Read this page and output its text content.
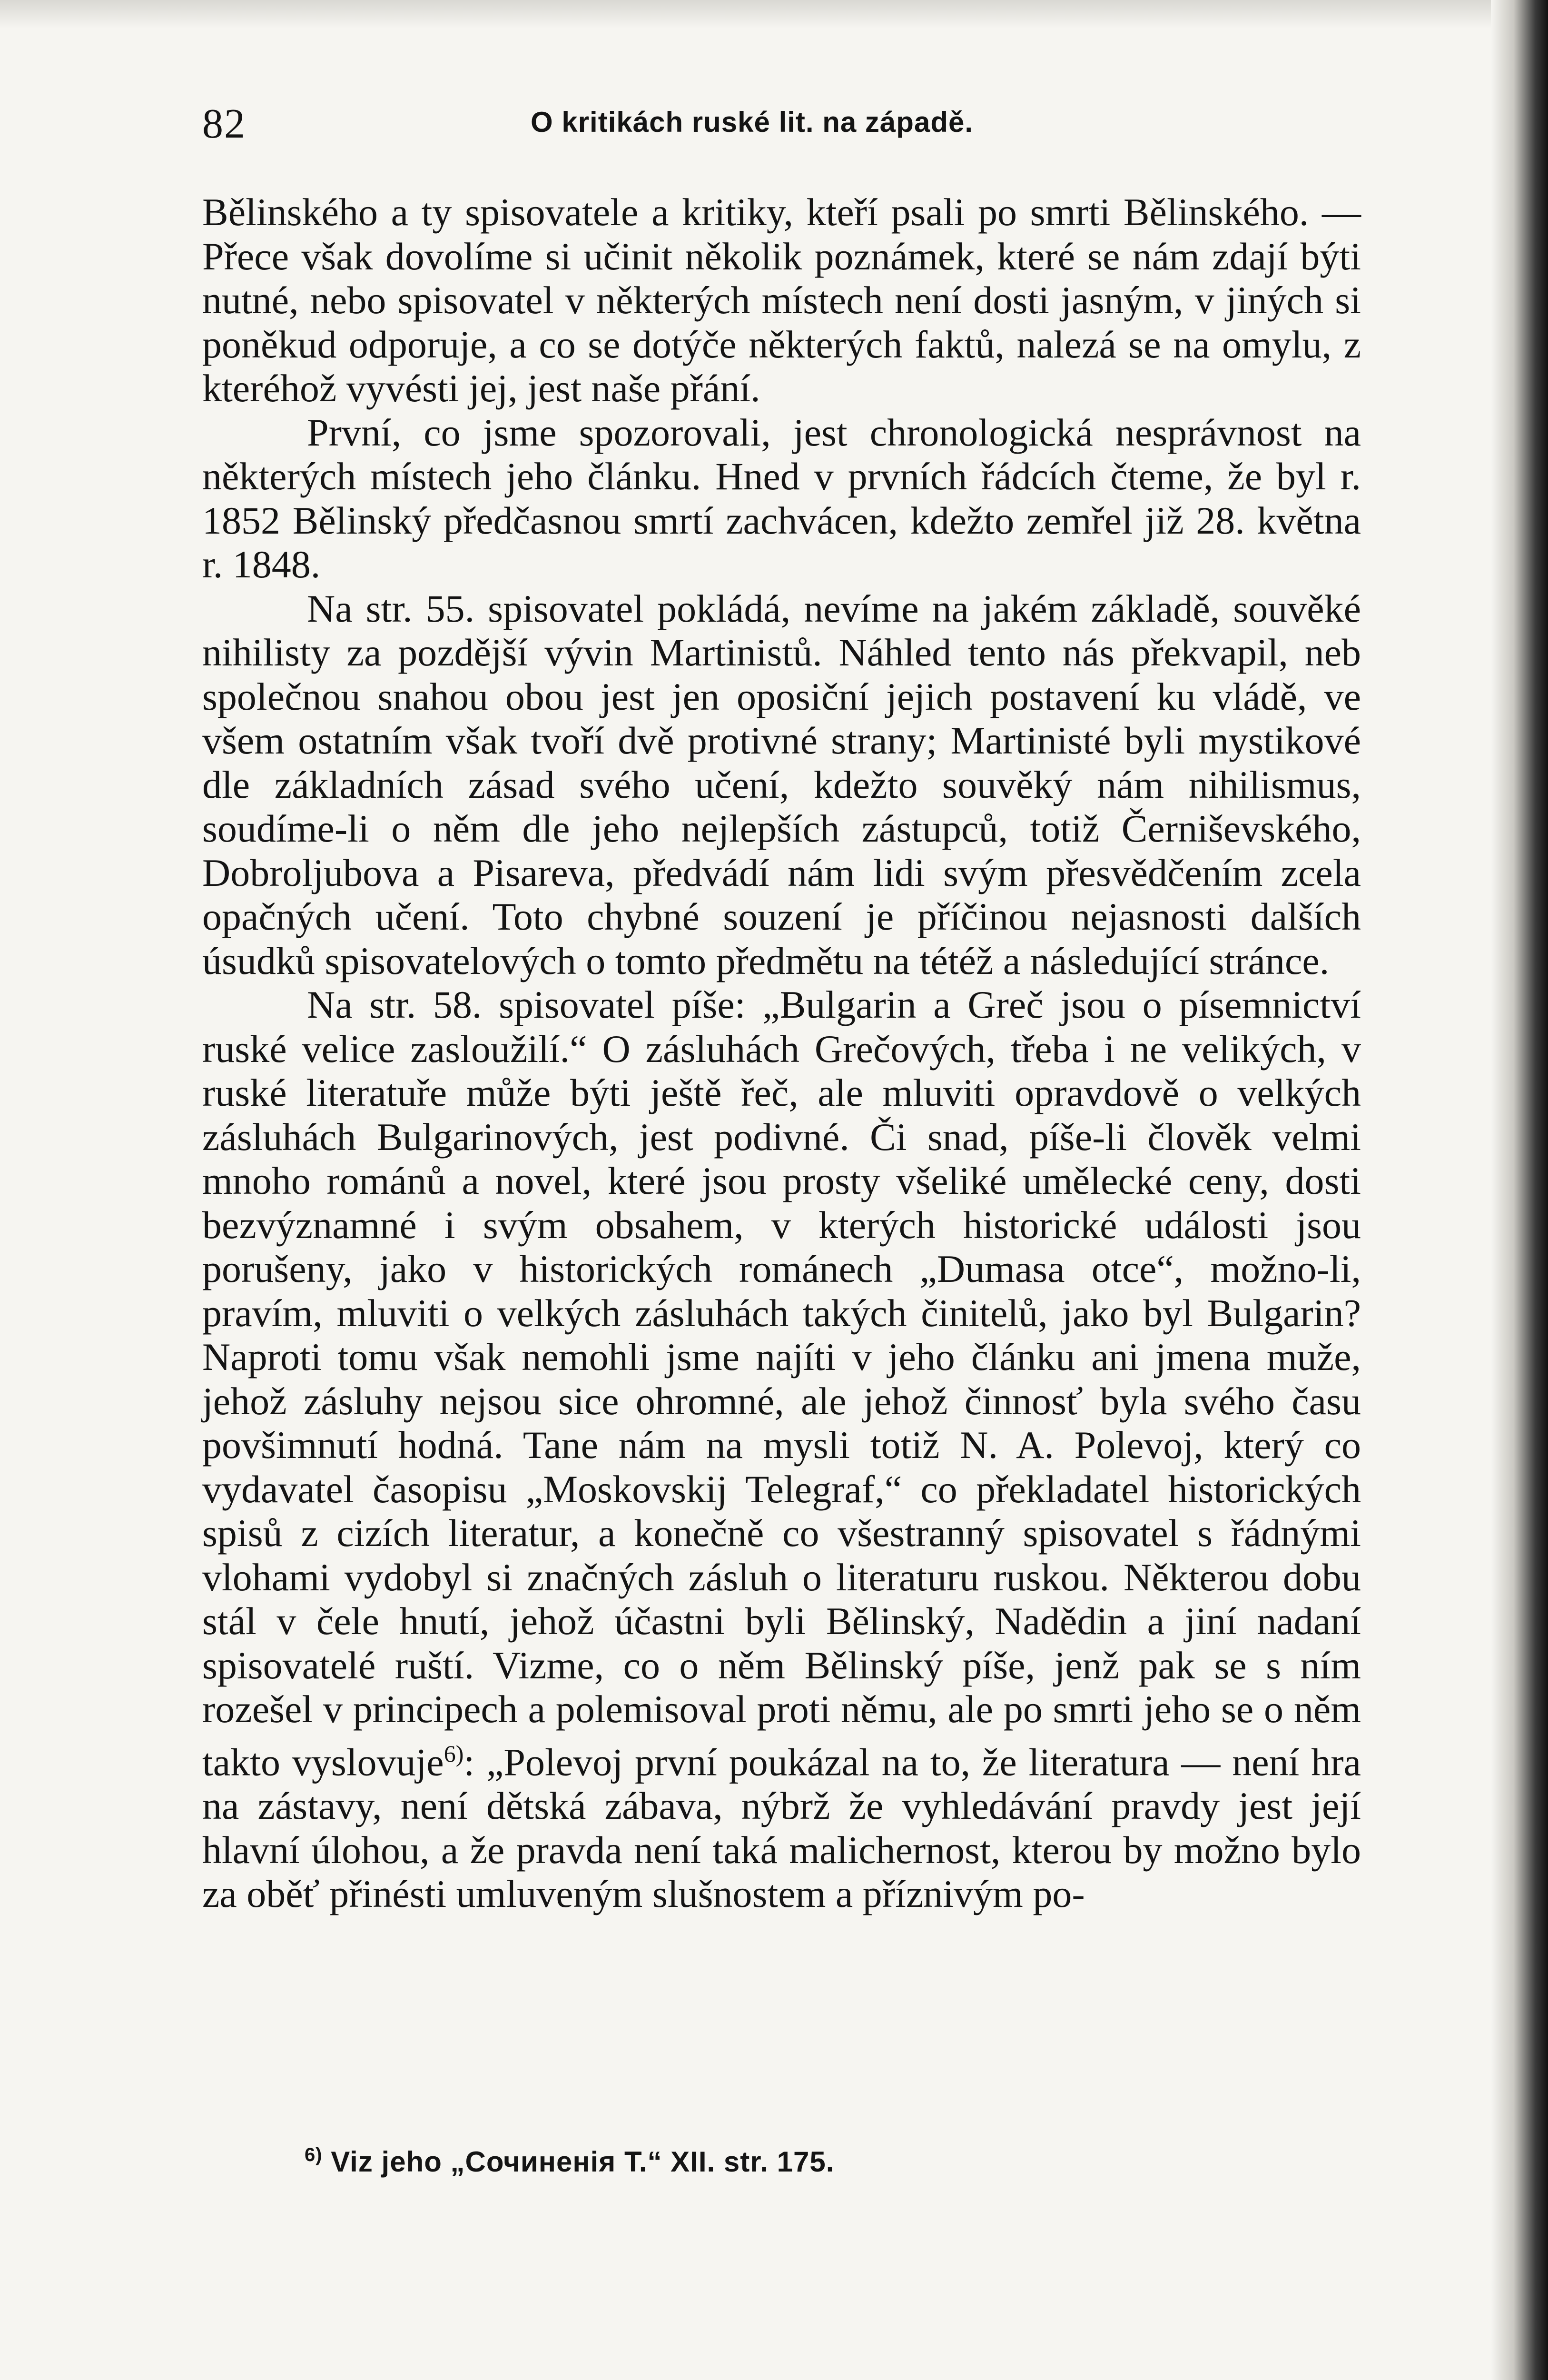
82	O kritikách ruské lit. na západě.

Bělinského a ty spisovatele a kritiky, kteří psali po smrti Bělinského. — Přece však dovolíme si učinit několik poznámek, které se nám zdají býti nutné, nebo spisovatel v některých místech není dosti jasným, v jiných si poněkud odporuje, a co se dotýče některých faktů, nalezá se na omylu, z kteréhož vyvésti jej, jest naše přání.

První, co jsme spozorovali, jest chronologická nesprávnost na některých místech jeho článku. Hned v prvních řádcích čteme, že byl r. 1852 Bělinský předčasnou smrtí zachvácen, kdežto zemřel již 28. května r. 1848.

Na str. 55. spisovatel pokládá, nevíme na jakém základě, souvěké nihilisty za pozdější vývin Martinistů. Náhled tento nás překvapil, neb společnou snahou obou jest jen oposiční jejich postavení ku vládě, ve všem ostatním však tvoří dvě protivné strany; Martinisté byli mystikové dle základních zásad svého učení, kdežto souvěký nám nihilismus, soudíme-li o něm dle jeho nejlepších zástupců, totiž Černiševského, Dobroljubova a Pisareva, předvádí nám lidi svým přesvědčením zcela opačných učení. Toto chybné souzení je příčinou nejasnosti dalších úsudků spisovatelových o tomto předmětu na tétéž a následující stránce.

Na str. 58. spisovatel píše: „Bulgarin a Greč jsou o písemnictví ruské velice zasloužilí.“ O zásluhách Grečových, třeba i ne velikých, v ruské literatuře může býti ještě řeč, ale mluviti opravdově o velkých zásluhách Bulgarinových, jest podivné. Či snad, píše-li člověk velmi mnoho románů a novel, které jsou prosty všeliké umělecké ceny, dosti bezvýznamné i svým obsahem, v kterých historické události jsou porušeny, jako v historických románech „Dumasa otce“, možno-li, pravím, mluviti o velkých zásluhách takých činitelů, jako byl Bulgarin? Naproti tomu však nemohli jsme najíti v jeho článku ani jmena muže, jehož zásluhy nejsou sice ohromné, ale jehož činnosť byla svého času povšimnutí hodná. Tane nám na mysli totiž N. A. Polevoj, který co vydavatel časopisu „Moskovskij Telegraf,“ co překladatel historických spisů z cizích literatur, a konečně co všestranný spisovatel s řádnými vlohami vydobyl si značných zásluh o literaturu ruskou. Některou dobu stál v čele hnutí, jehož účastni byli Bělinský, Nadědin a jiní nadaní spisovatelé ruští. Vizme, co o něm Bělinský píše, jenž pak se s ním rozešel v principech a polemisoval proti němu, ale po smrti jeho se o něm takto vyslovuje$^{6)}$: „Polevoj první poukázal na to, že literatura — není hra na zástavy, není dětská zábava, nýbrž že vyhledávání pravdy jest její hlavní úlohou, a že pravda není taká malichernost, kterou by možno bylo za oběť přinésti umluveným slušnostem a příznivým po-

$^{6)}$ Viz jeho „Сочиненія Т.“ XII. str. 175.
